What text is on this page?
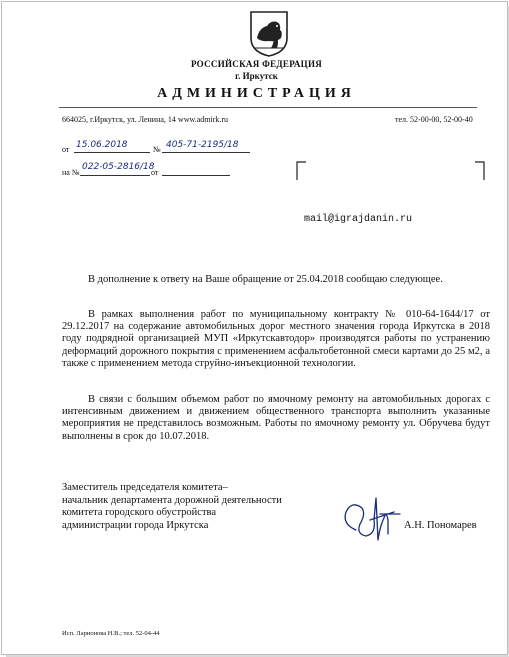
РОССИЙСКАЯ ФЕДЕРАЦИЯ
г. Иркутск
АДМИНИСТРАЦИЯ
664025, г.Иркутск, ул. Ленина, 14 www.admirk.ru	тел. 52-00-00, 52-00-40
от 15.06.2018	№ 405-71-2195/18
на №
022-05-2816/18
от
mail@igrajdanin.ru
В дополнение к ответу на Ваше обращение от 25.04.2018 сообщаю следующее.
В рамках выполнения работ по муниципальному контракту № 010-64-1644/17 от 29.12.2017 на содержание автомобильных дорог местного значения города Иркутска в 2018 году подрядной организацией МУП «Иркутскавтодор» производятся работы по устранению деформаций дорожного покрытия с применением асфальтобетонной смеси картами до 25 м2, а также с применением метода струйно-инъекционной технологии.
В связи с большим объемом работ по ямочному ремонту на автомобильных дорогах с интенсивным движением и движением общественного транспорта выполнить указанные мероприятия не представилось возможным. Работы по ямочному ремонту ул. Обручева будут выполнены в срок до 10.07.2018.
Заместитель председателя комитета–
начальник департамента дорожной деятельности
комитета городского обустройства
администрации города Иркутска	А.Н. Пономарев
Исп. Ларионова Н.В.; тел. 52-04-44
